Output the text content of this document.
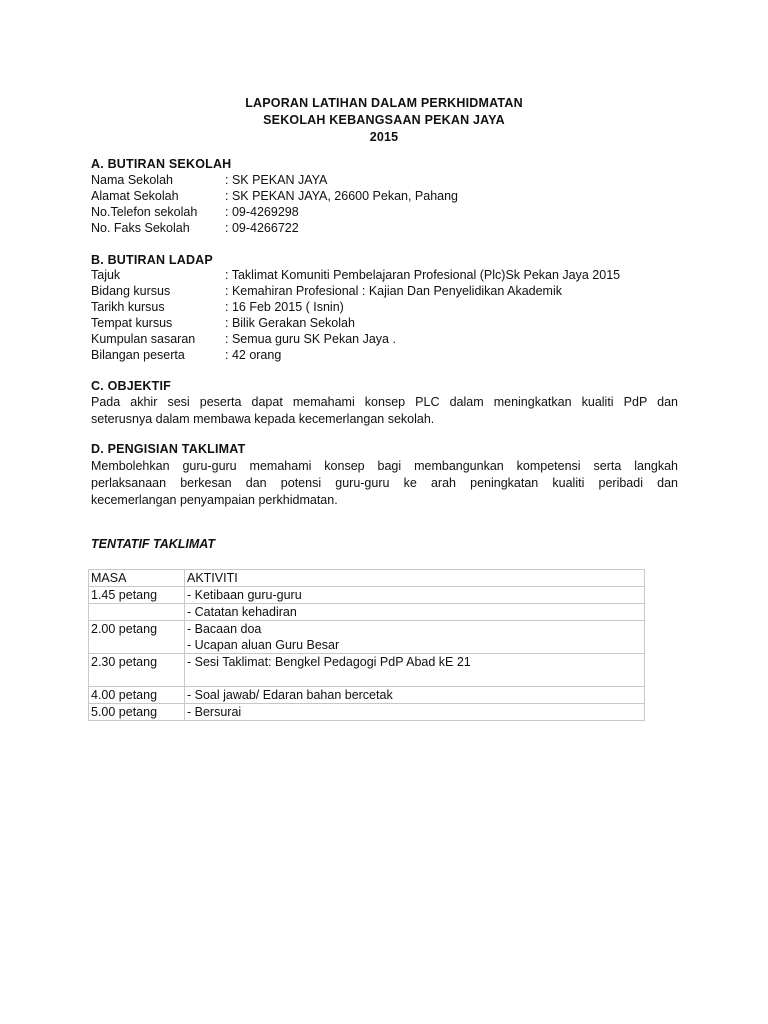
LAPORAN LATIHAN DALAM PERKHIDMATAN
SEKOLAH KEBANGSAAN PEKAN JAYA
2015
A. BUTIRAN SEKOLAH
Nama Sekolah	: SK PEKAN JAYA
Alamat Sekolah	: SK PEKAN JAYA, 26600 Pekan, Pahang
No.Telefon sekolah : 09-4269298
No. Faks Sekolah	: 09-4266722
B. BUTIRAN LADAP
Tajuk	: Taklimat Komuniti Pembelajaran Profesional (Plc)Sk Pekan Jaya 2015
Bidang kursus	: Kemahiran Profesional : Kajian Dan Penyelidikan Akademik
Tarikh kursus	: 16 Feb 2015 ( Isnin)
Tempat kursus	: Bilik Gerakan Sekolah
Kumpulan sasaran : Semua guru SK Pekan Jaya .
Bilangan peserta	: 42 orang
C. OBJEKTIF
Pada akhir sesi peserta dapat memahami konsep PLC dalam meningkatkan kualiti PdP dan
seterusnya dalam membawa kepada kecemerlangan sekolah.
D. PENGISIAN TAKLIMAT
Membolehkan guru-guru memahami konsep bagi membangunkan kompetensi serta langkah
perlaksanaan berkesan dan potensi guru-guru ke arah peningkatan kualiti peribadi dan
kecemerlangan penyampaian perkhidmatan.
TENTATIF TAKLIMAT
MASA	AKTIVITI
1.45 petang	- Ketibaan guru-guru

	- Catatan kehadiran

2.00 petang	- Bacaan doa
- Ucapan aluan Guru Besar

2.30 petang	- Sesi Taklimat: Bengkel Pedagogi PdP Abad kE 21

4.00 petang	- Soal jawab/ Edaran bahan bercetak

5.00 petang	- Bersurai
